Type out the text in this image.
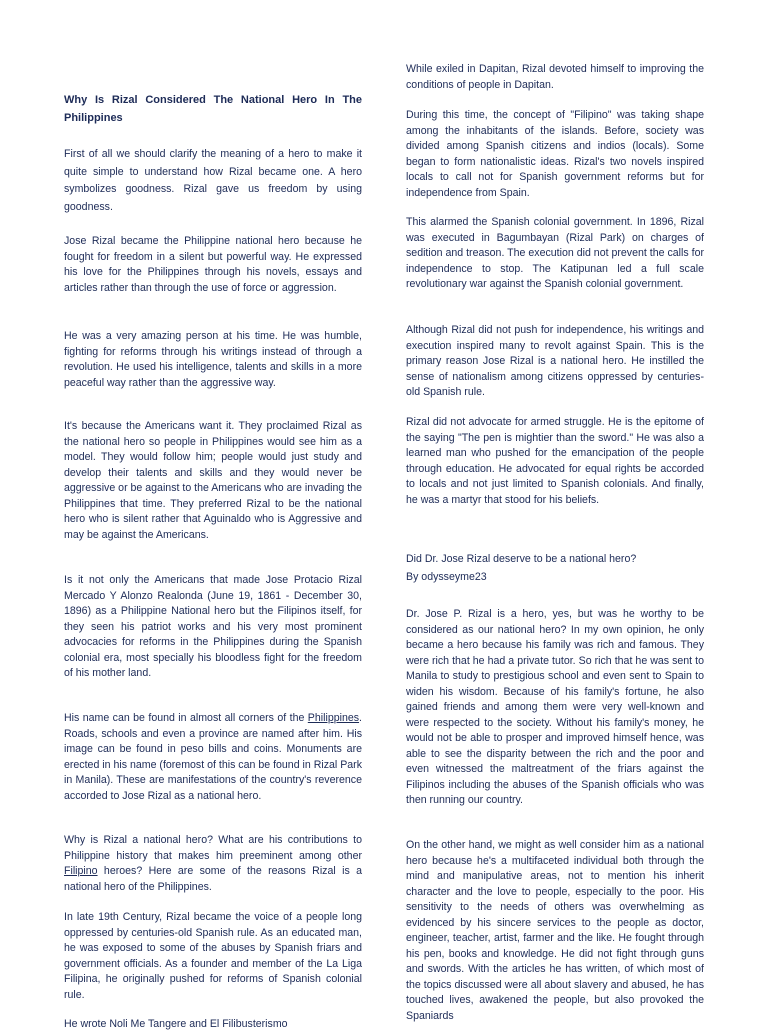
Why Is Rizal Considered The National Hero In The Philippines

First of all we should clarify the meaning of a hero to make it quite simple to understand how Rizal became one. A hero symbolizes goodness. Rizal gave us freedom by using goodness.

Jose Rizal became the Philippine national hero because he fought for freedom in a silent but powerful way. He expressed his love for the Philippines through his novels, essays and articles rather than through the use of force or aggression.

He was a very amazing person at his time. He was humble, fighting for reforms through his writings instead of through a revolution. He used his intelligence, talents and skills in a more peaceful way rather than the aggressive way.

It's because the Americans want it. They proclaimed Rizal as the national hero so people in Philippines would see him as a model. They would follow him; people would just study and develop their talents and skills and they would never be aggressive or be against to the Americans who are invading the Philippines that time. They preferred Rizal to be the national hero who is silent rather that Aguinaldo who is Aggressive and may be against the Americans.

Is it not only the Americans that made Jose Protacio Rizal Mercado Y Alonzo Realonda (June 19, 1861 - December 30, 1896) as a Philippine National hero but the Filipinos itself, for they seen his patriot works and his very most prominent advocacies for reforms in the Philippines during the Spanish colonial era, most specially his bloodless fight for the freedom of his mother land.

His name can be found in almost all corners of the Philippines. Roads, schools and even a province are named after him. His image can be found in peso bills and coins. Monuments are erected in his name (foremost of this can be found in Rizal Park in Manila). These are manifestations of the country's reverence accorded to Jose Rizal as a national hero.

Why is Rizal a national hero? What are his contributions to Philippine history that makes him preeminent among other Filipino heroes? Here are some of the reasons Rizal is a national hero of the Philippines.

In late 19th Century, Rizal became the voice of a people long oppressed by centuries-old Spanish rule. As an educated man, he was exposed to some of the abuses by Spanish friars and government officials. As a founder and member of the La Liga Filipina, he originally pushed for reforms of Spanish colonial rule.

He wrote Noli Me Tangere and El Filibusterismo

While exiled in Dapitan, Rizal devoted himself to improving the conditions of people in Dapitan.

During this time, the concept of "Filipino" was taking shape among the inhabitants of the islands. Before, society was divided among Spanish citizens and indios (locals). Some began to form nationalistic ideas. Rizal's two novels inspired locals to call not for Spanish government reforms but for independence from Spain.

This alarmed the Spanish colonial government. In 1896, Rizal was executed in Bagumbayan (Rizal Park) on charges of sedition and treason. The execution did not prevent the calls for independence to stop. The Katipunan led a full scale revolutionary war against the Spanish colonial government.

Although Rizal did not push for independence, his writings and execution inspired many to revolt against Spain. This is the primary reason Jose Rizal is a national hero. He instilled the sense of nationalism among citizens oppressed by centuries-old Spanish rule.

Rizal did not advocate for armed struggle. He is the epitome of the saying "The pen is mightier than the sword." He was also a learned man who pushed for the emancipation of the people through education. He advocated for equal rights be accorded to locals and not just limited to Spanish colonials. And finally, he was a martyr that stood for his beliefs.

Did Dr. Jose Rizal deserve to be a national hero?

By odysseyme23

Dr. Jose P. Rizal is a hero, yes, but was he worthy to be considered as our national hero? In my own opinion, he only became a hero because his family was rich and famous. They were rich that he had a private tutor. So rich that he was sent to Manila to study to prestigious school and even sent to Spain to widen his wisdom. Because of his family's fortune, he also gained friends and among them were very well-known and were respected to the society. Without his family's money, he would not be able to prosper and improved himself hence, was able to see the disparity between the rich and the poor and even witnessed the maltreatment of the friars against the Filipinos including the abuses of the Spanish officials who was then running our country.

On the other hand, we might as well consider him as a national hero because he's a multifaceted individual both through the mind and manipulative areas, not to mention his inherit character and the love to people, especially to the poor. His sensitivity to the needs of others was overwhelming as evidenced by his sincere services to the people as doctor, engineer, teacher, artist, farmer and the like. He fought through his pen, books and knowledge. He did not fight through guns and swords. With the articles he has written, of which most of the topics discussed were all about slavery and abused, he has touched lives, awakened the people, but also provoked the Spaniards
